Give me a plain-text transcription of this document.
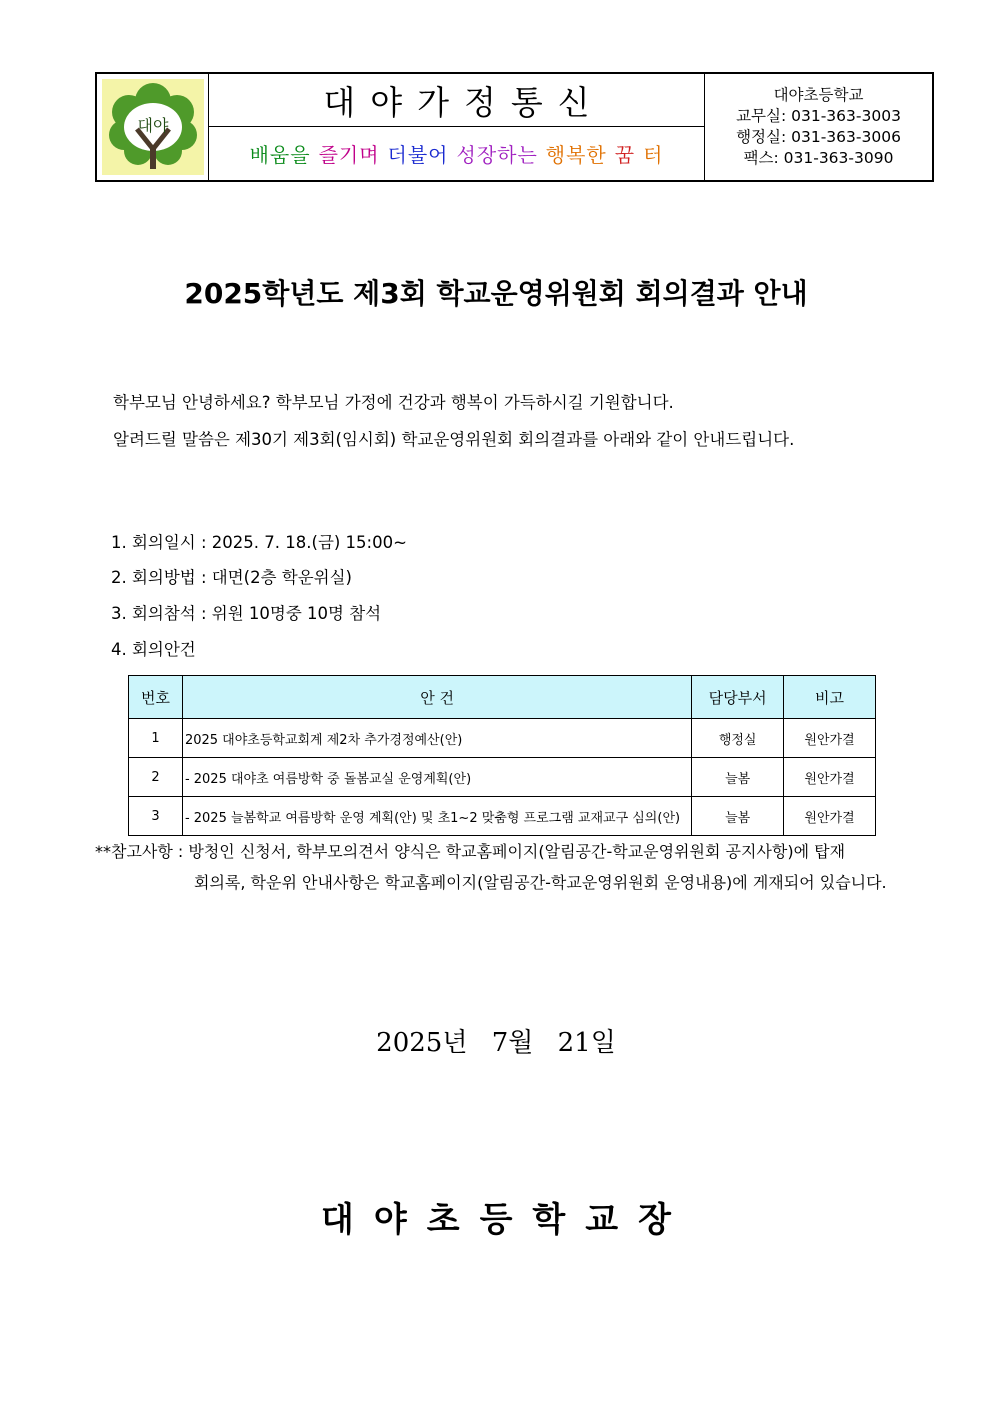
대야
대야가정통신
배움을 즐기며 더불어 성장하는 행복한 꿈 터
대야초등학교
교무실: 031-363-3003
행정실: 031-363-3006
팩스: 031-363-3090
2025학년도 제3회 학교운영위원회 회의결과 안내
학부모님 안녕하세요? 학부모님 가정에 건강과 행복이 가득하시길 기원합니다.
알려드릴 말씀은 제30기 제3회(임시회) 학교운영위원회 회의결과를 아래와 같이 안내드립니다.
1. 회의일시 : 2025. 7. 18.(금) 15:00~
2. 회의방법 : 대면(2층 학운위실)
3. 회의참석 : 위원 10명중 10명 참석
4. 회의안건
번호	안 건	담당부서	비고
1	2025 대야초등학교회계 제2차 추가경정예산(안)	행정실	원안가결
2	- 2025 대야초 여름방학 중 돌봄교실 운영계획(안)	늘봄	원안가결
3	- 2025 늘봄학교 여름방학 운영 계획(안) 및 초1~2 맞춤형 프로그램 교재교구 심의(안)	늘봄	원안가결
**참고사항 : 방청인 신청서, 학부모의견서 양식은 학교홈페이지(알림공간-학교운영위원회 공지사항)에 탑재
회의록, 학운위 안내사항은 학교홈페이지(알림공간-학교운영위원회 운영내용)에 게재되어 있습니다.
2025년 7월 21일
대야초등학교장
